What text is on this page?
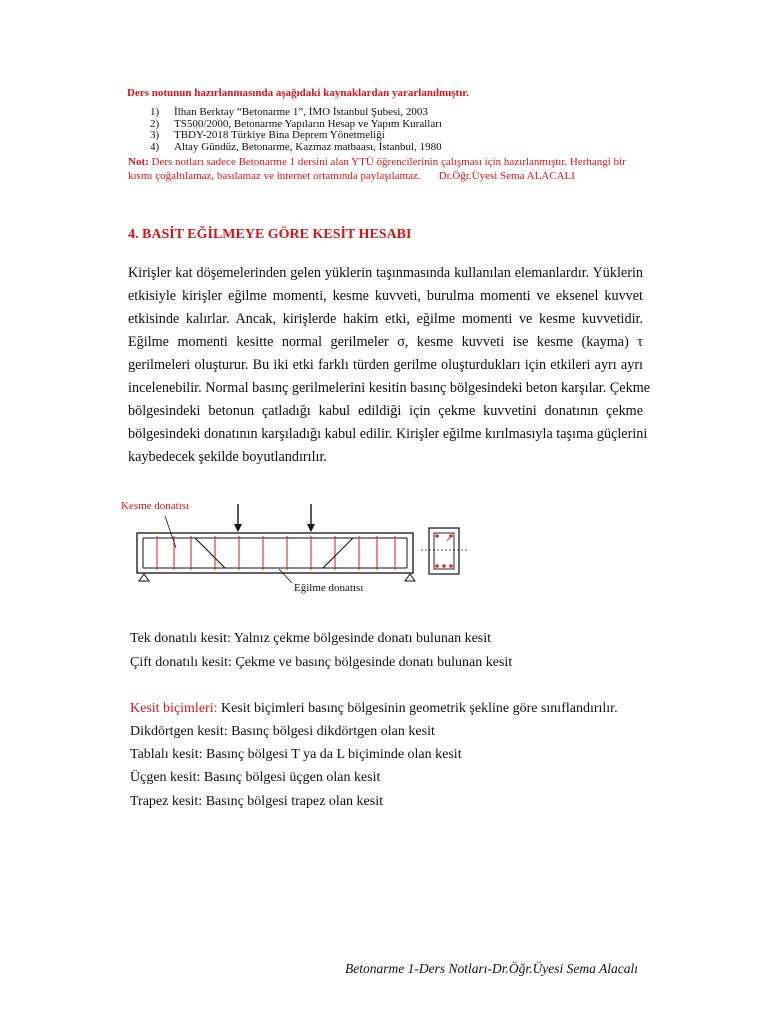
Ders notunun hazırlanmasında aşağıdaki kaynaklardan yararlanılmıştır.
1) İlhan Berktay “Betonarme 1”, İMO İstanbul Şubesi, 2003
2) TS500/2000, Betonarme Yapıların Hesap ve Yapım Kuralları
3) TBDY-2018 Türkiye Bina Deprem Yönetmeliği
4) Altay Gündüz, Betonarme, Kazmaz matbaası, İstanbul, 1980
Not: Ders notları sadece Betonarme 1 dersini alan YTÜ öğrencilerinin çalışması için hazırlanmıştır. Herhangi bir kısmı çoğaltılamaz, basılamaz ve internet ortamında paylaşılamaz. Dr.Öğr.Üyesi Sema ALACALI
4. BASİT EĞİLMEYE GÖRE KESİT HESABI
Kirişler kat döşemelerinden gelen yüklerin taşınmasında kullanılan elemanlardır. Yüklerin
etkisiyle kirişler eğilme momenti, kesme kuvveti, burulma momenti ve eksenel kuvvet
etkisinde kalırlar. Ancak, kirişlerde hakim etki, eğilme momenti ve kesme kuvvetidir.
Eğilme momenti kesitte normal gerilmeler σ, kesme kuvveti ise kesme (kayma) τ
gerilmeleri oluşturur. Bu iki etki farklı türden gerilme oluşturdukları için etkileri ayrı ayrı
incelenebilir. Normal basınç gerilmelerini kesitin basınç bölgesindeki beton karşılar. Çekme
bölgesindeki betonun çatladığı kabul edildiği için çekme kuvvetini donatının çekme
bölgesindeki donatının karşıladığı kabul edilir. Kirişler eğilme kırılmasıyla taşıma güçlerini
kaybedecek şekilde boyutlandırılır.
Kesme donatısı
Eğilme donatısı
Tek donatılı kesit: Yalnız çekme bölgesinde donatı bulunan kesit
Çift donatılı kesit: Çekme ve basınç bölgesinde donatı bulunan kesit
Kesit biçimleri: Kesit biçimleri basınç bölgesinin geometrik şekline göre sınıflandırılır.
Dikdörtgen kesit: Basınç bölgesi dikdörtgen olan kesit
Tablalı kesit: Basınç bölgesi T ya da L biçiminde olan kesit
Üçgen kesit: Basınç bölgesi üçgen olan kesit
Trapez kesit: Basınç bölgesi trapez olan kesit
Betonarme 1-Ders Notları-Dr.Öğr.Üyesi Sema Alacalı
